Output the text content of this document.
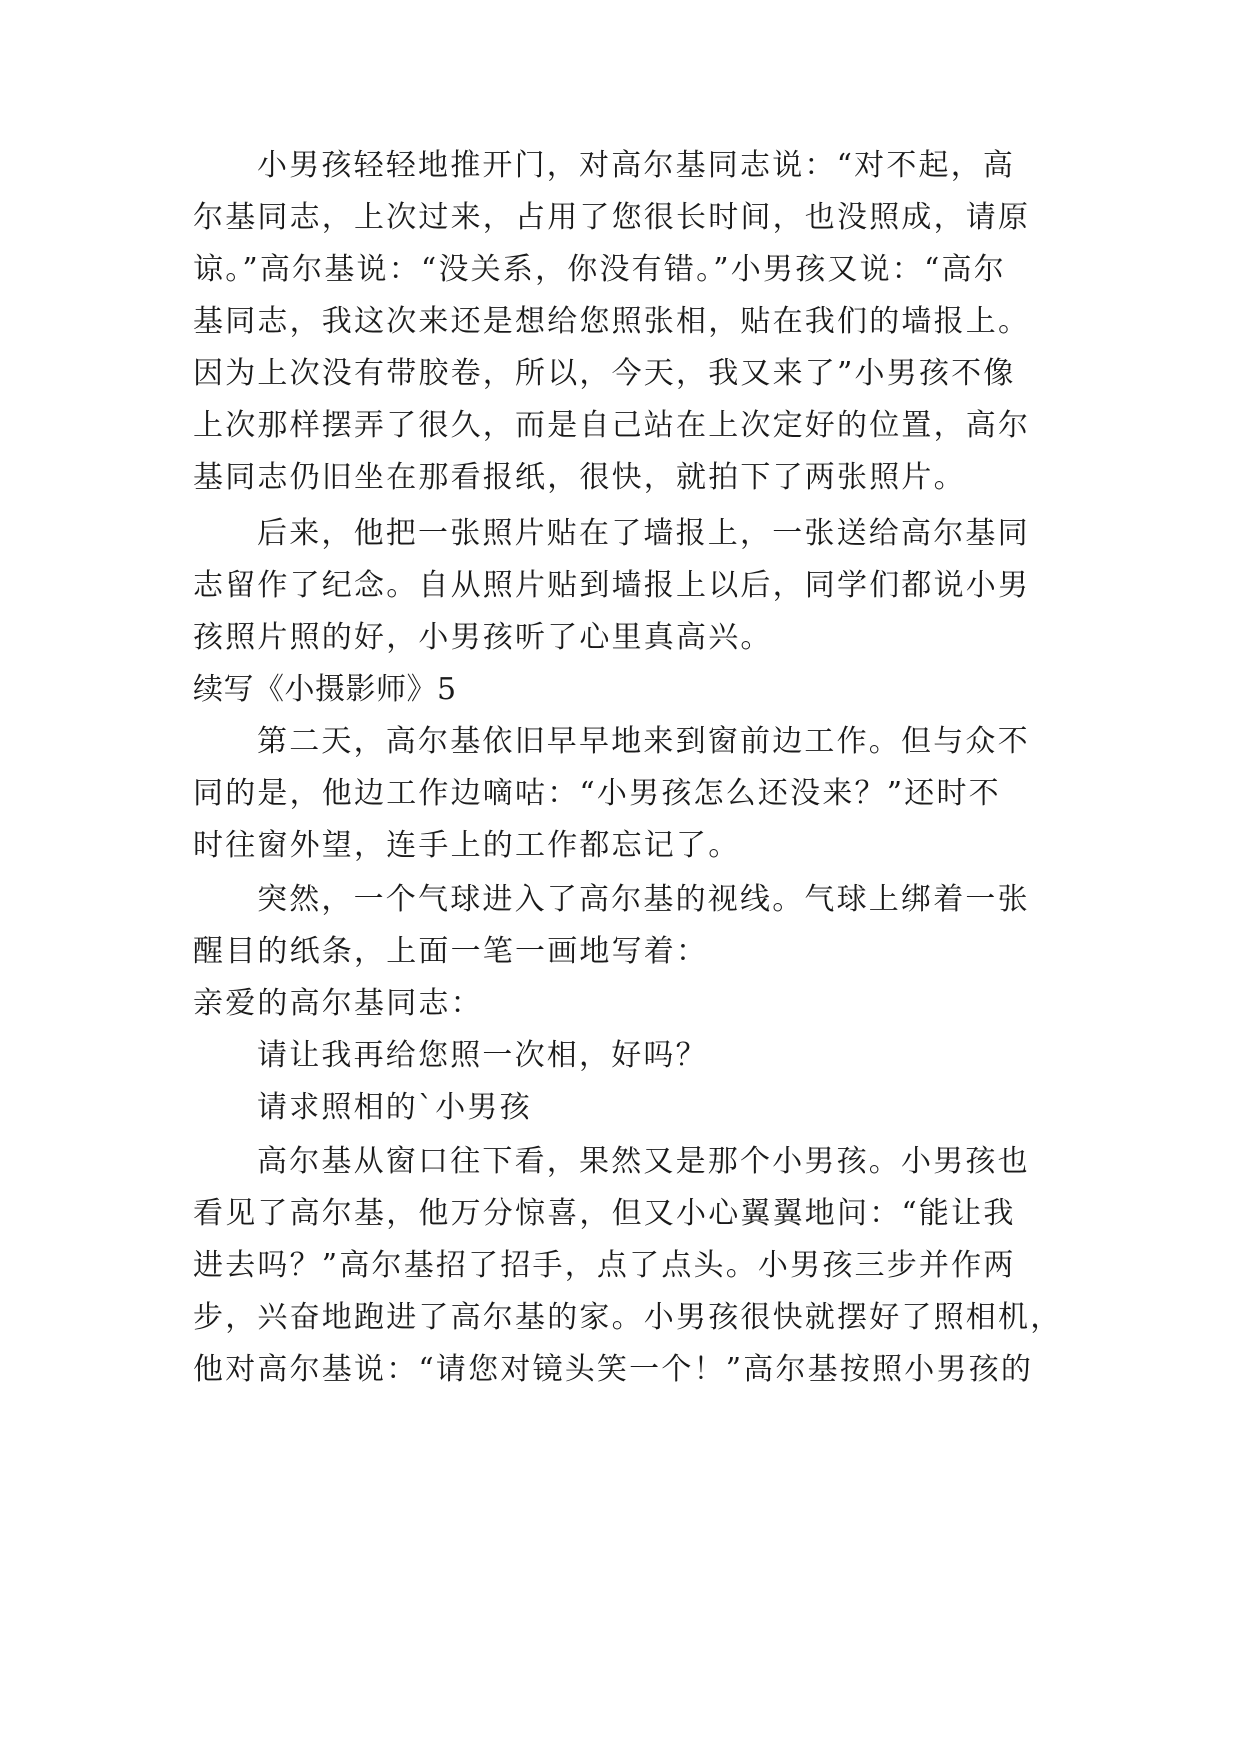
小男孩轻轻地推开门，对高尔基同志说：“对不起，高
尔基同志，上次过来，占用了您很长时间，也没照成，请原
谅。”高尔基说：“没关系，你没有错。”小男孩又说：“高尔
基同志，我这次来还是想给您照张相，贴在我们的墙报上。
因为上次没有带胶卷，所以，今天，我又来了”小男孩不像
上次那样摆弄了很久，而是自己站在上次定好的位置，高尔
基同志仍旧坐在那看报纸，很快，就拍下了两张照片。
后来，他把一张照片贴在了墙报上，一张送给高尔基同
志留作了纪念。自从照片贴到墙报上以后，同学们都说小男
孩照片照的好，小男孩听了心里真高兴。
续写《小摄影师》5
第二天，高尔基依旧早早地来到窗前边工作。但与众不
同的是，他边工作边嘀咕：“小男孩怎么还没来？”还时不
时往窗外望，连手上的工作都忘记了。
突然，一个气球进入了高尔基的视线。气球上绑着一张
醒目的纸条，上面一笔一画地写着：
亲爱的高尔基同志：
请让我再给您照一次相，好吗？
请求照相的`小男孩
高尔基从窗口往下看，果然又是那个小男孩。小男孩也
看见了高尔基，他万分惊喜，但又小心翼翼地问：“能让我
进去吗？”高尔基招了招手，点了点头。小男孩三步并作两
步，兴奋地跑进了高尔基的家。小男孩很快就摆好了照相机，
他对高尔基说：“请您对镜头笑一个！”高尔基按照小男孩的
